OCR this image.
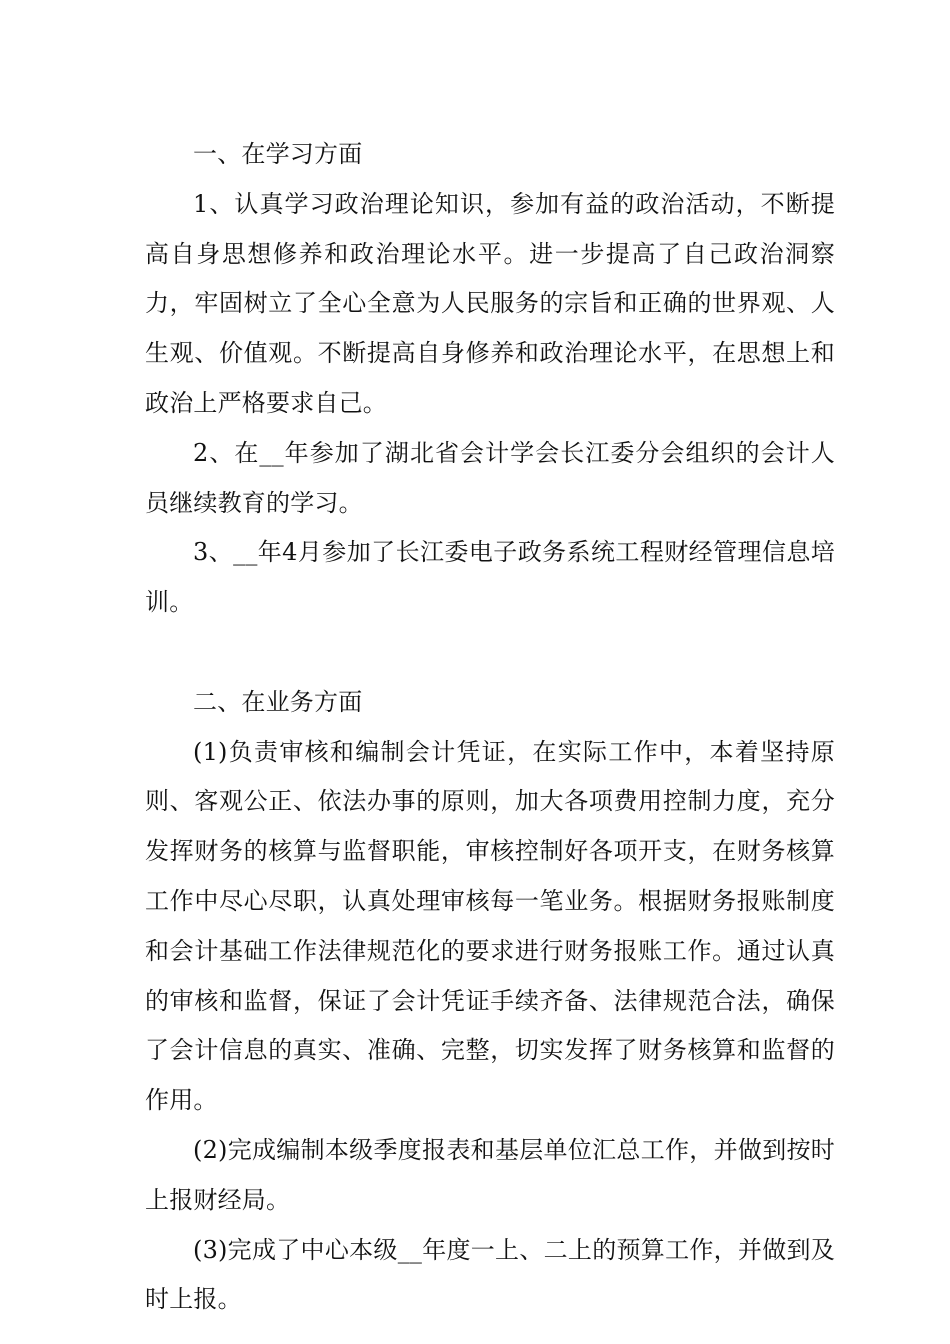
一、在学习方面

1、认真学习政治理论知识，参加有益的政治活动，不断提高自身思想修养和政治理论水平。进一步提高了自己政治洞察力，牢固树立了全心全意为人民服务的宗旨和正确的世界观、人生观、价值观。不断提高自身修养和政治理论水平，在思想上和政治上严格要求自己。

2、在__年参加了湖北省会计学会长江委分会组织的会计人员继续教育的学习。

3、__年4月参加了长江委电子政务系统工程财经管理信息培训。

二、在业务方面

(1)负责审核和编制会计凭证，在实际工作中，本着坚持原则、客观公正、依法办事的原则，加大各项费用控制力度，充分发挥财务的核算与监督职能，审核控制好各项开支，在财务核算工作中尽心尽职，认真处理审核每一笔业务。根据财务报账制度和会计基础工作法律规范化的要求进行财务报账工作。通过认真的审核和监督，保证了会计凭证手续齐备、法律规范合法，确保了会计信息的真实、准确、完整，切实发挥了财务核算和监督的作用。

(2)完成编制本级季度报表和基层单位汇总工作，并做到按时上报财经局。

(3)完成了中心本级__年度一上、二上的预算工作，并做到及时上报。
